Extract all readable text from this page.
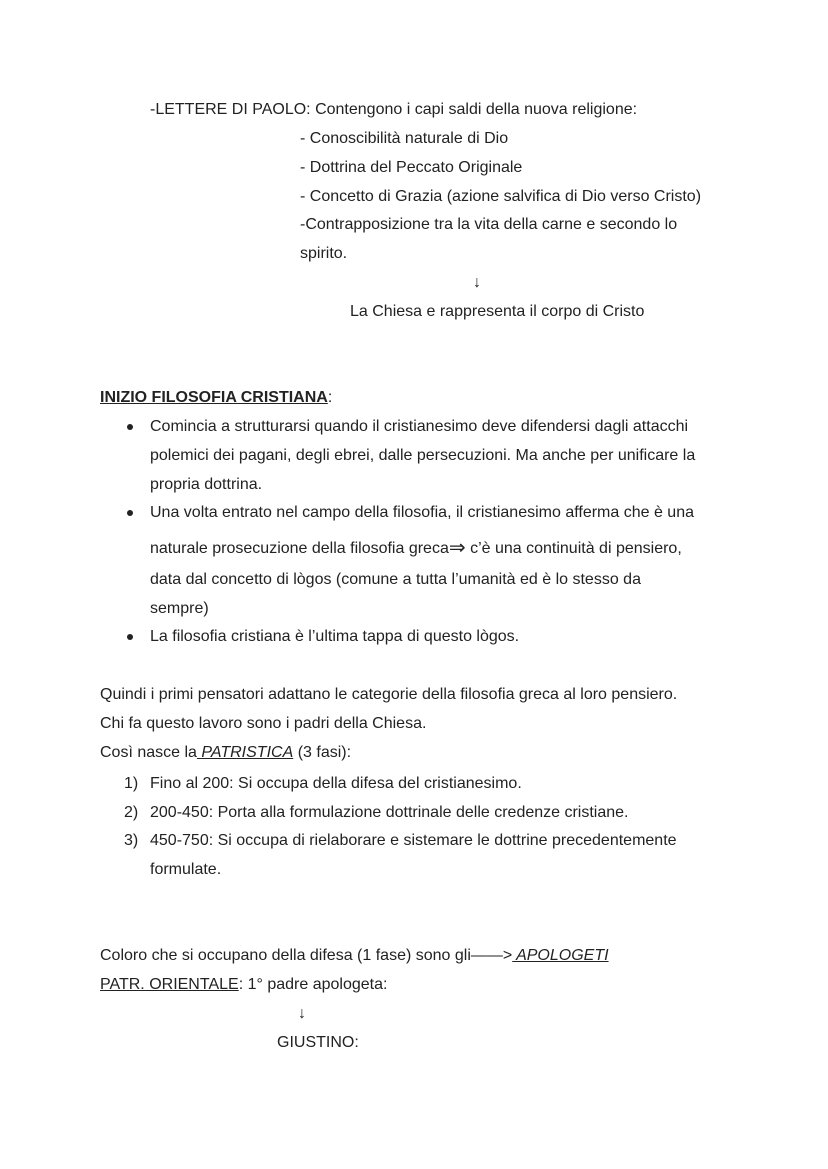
-LETTERE DI PAOLO: Contengono i capi saldi della nuova religione:
- Conoscibilità naturale di Dio
- Dottrina del Peccato Originale
- Concetto di Grazia (azione salvifica di Dio verso Cristo)
-Contrapposizione tra la vita della carne e secondo lo
spirito.
↓
La Chiesa e rappresenta il corpo di Cristo
INIZIO FILOSOFIA CRISTIANA:
Comincia a strutturarsi quando il cristianesimo deve difendersi dagli attacchi
polemici dei pagani, degli ebrei, dalle persecuzioni. Ma anche per unificare la
propria dottrina.
Una volta entrato nel campo della filosofia, il cristianesimo afferma che è una
naturale prosecuzione della filosofia greca⇒ c’è una continuità di pensiero,
data dal concetto di lògos (comune a tutta l’umanità ed è lo stesso da
sempre)
La filosofia cristiana è l’ultima tappa di questo lògos.
Quindi i primi pensatori adattano le categorie della filosofia greca al loro pensiero.
Chi fa questo lavoro sono i padri della Chiesa.
Così nasce la PATRISTICA (3 fasi):
1) Fino al 200: Si occupa della difesa del cristianesimo.
2) 200-450: Porta alla formulazione dottrinale delle credenze cristiane.
3) 450-750: Si occupa di rielaborare e sistemare le dottrine precedentemente
formulate.
Coloro che si occupano della difesa (1 fase) sono gli——> APOLOGETI
PATR. ORIENTALE: 1° padre apologeta:
↓
GIUSTINO:
